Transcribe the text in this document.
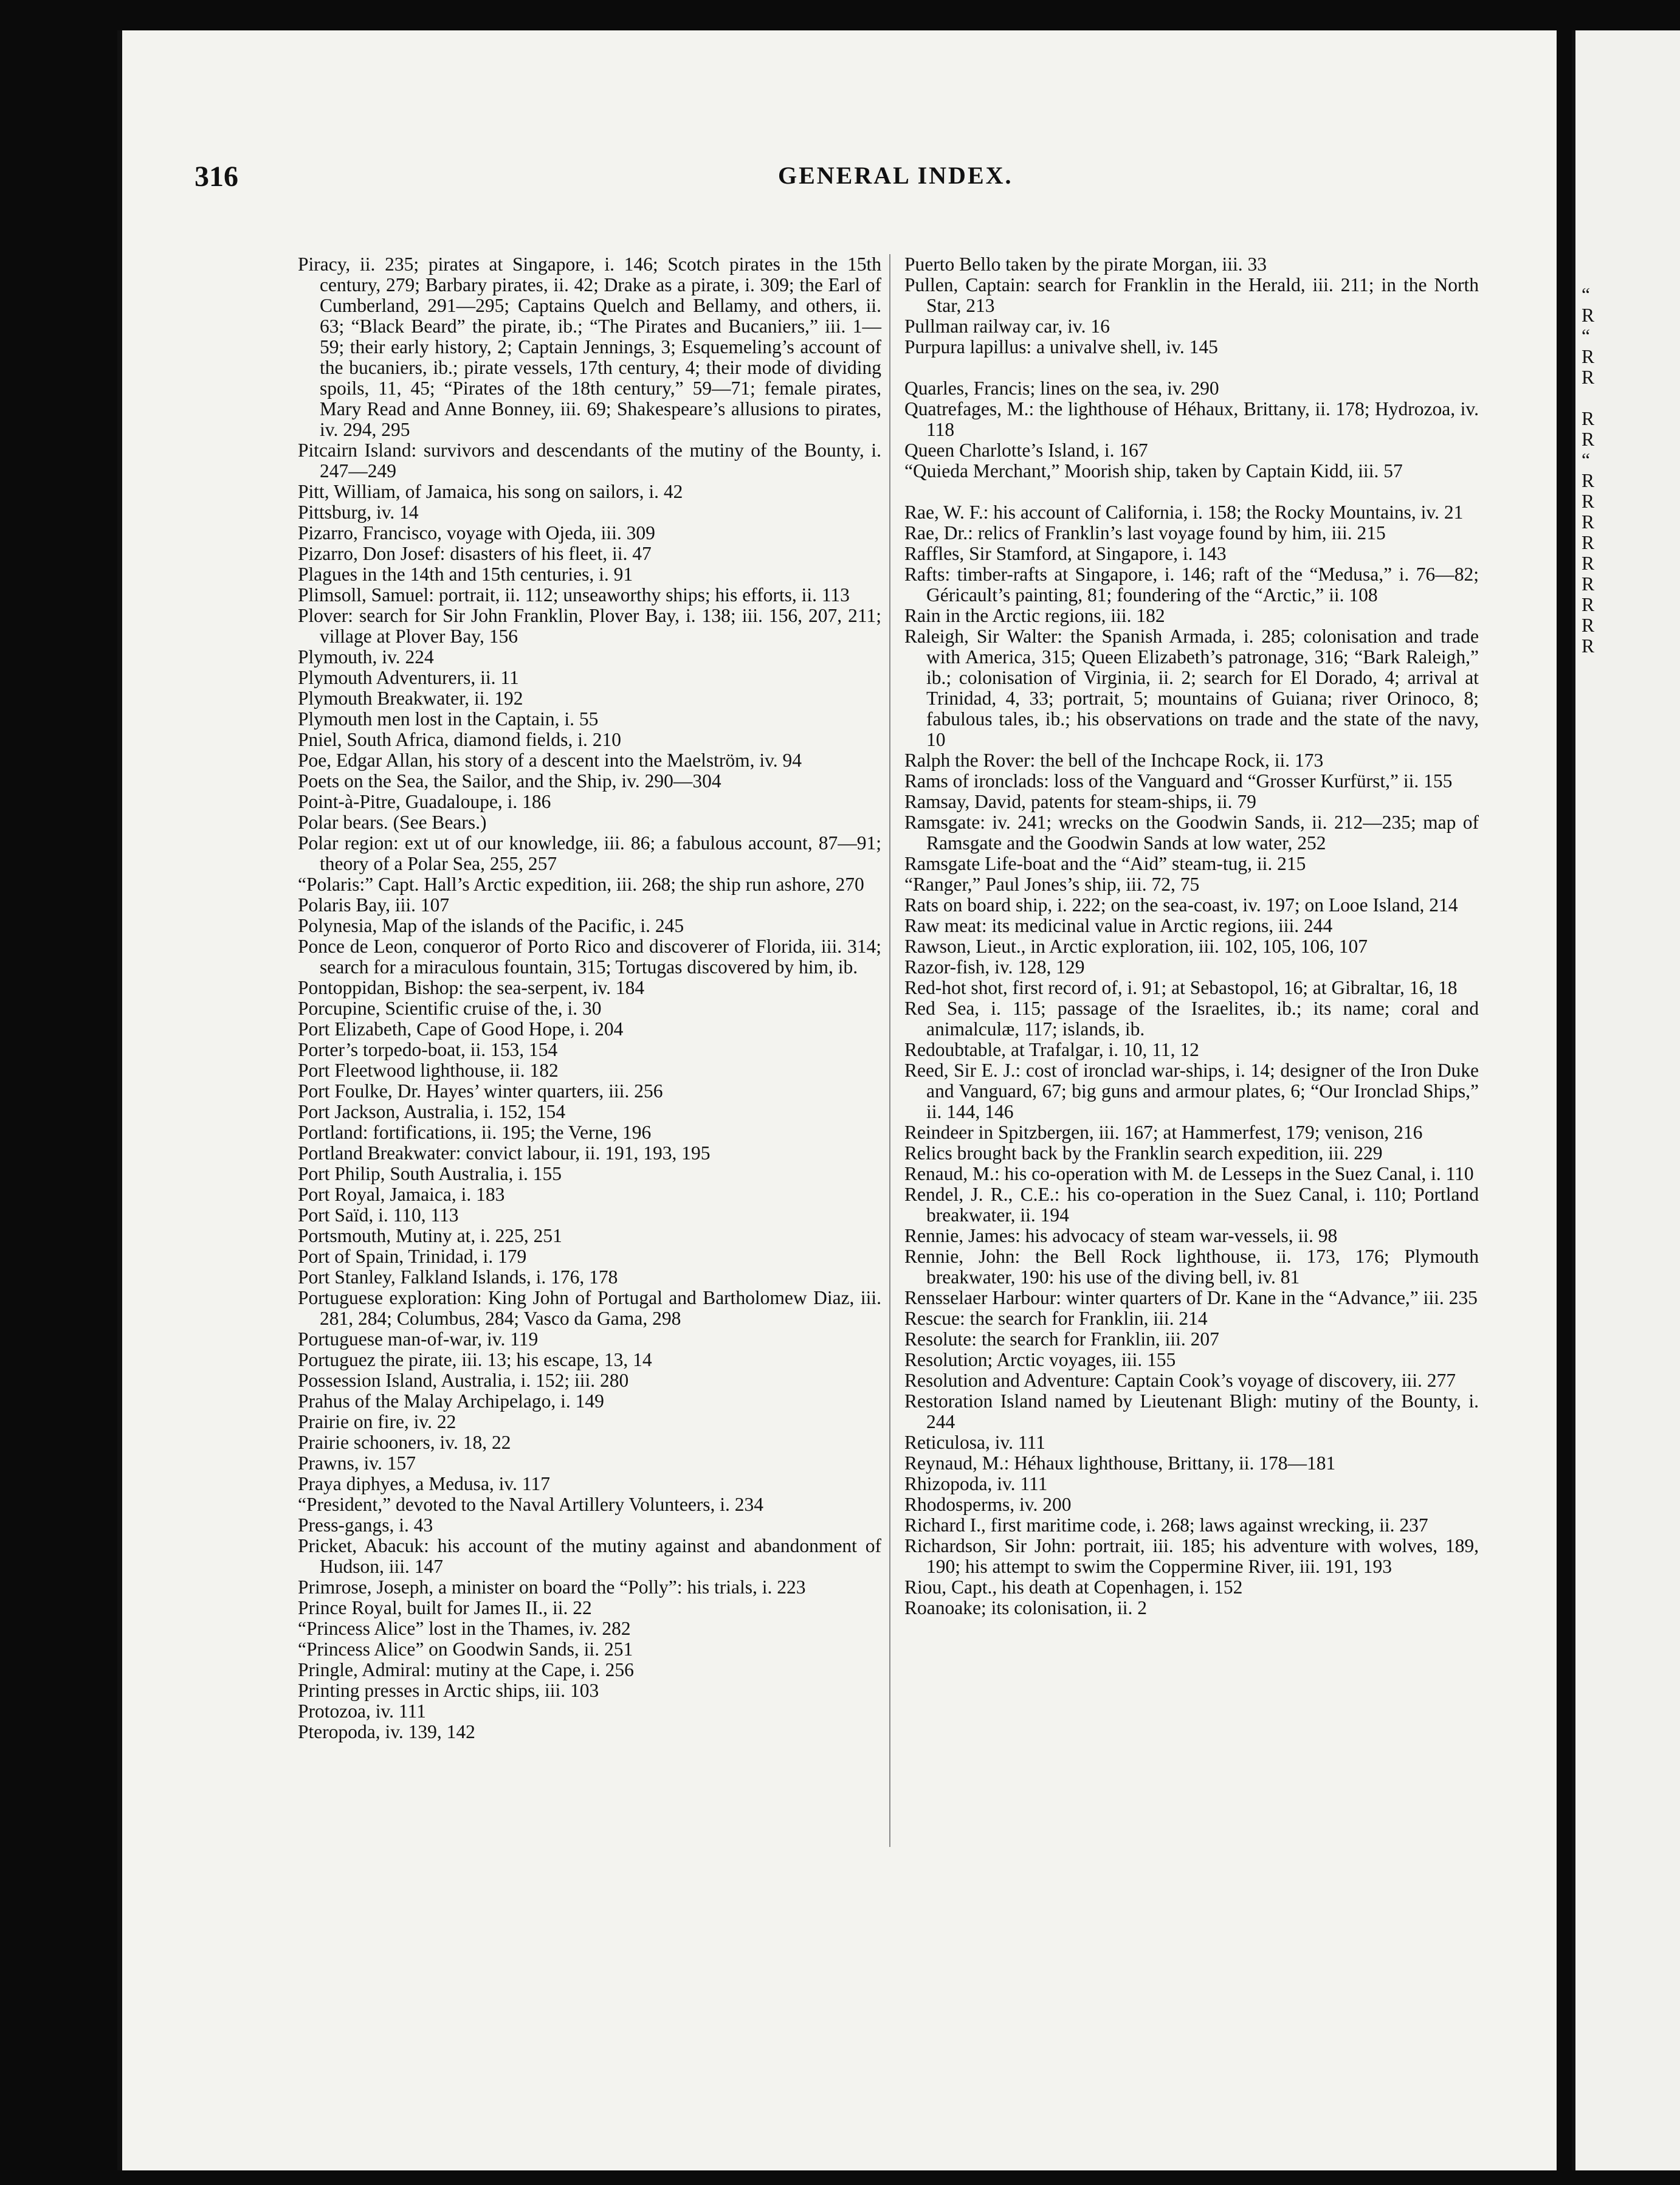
316	GENERAL INDEX.
Piracy, ii. 235; pirates at Singapore, i. 146; Scotch pirates in the 15th century, 279; Barbary pirates, ii. 42; Drake as a pirate, i. 309; the Earl of Cumberland, 291—295; Captains Quelch and Bellamy, and others, ii. 63; “Black Beard” the pirate, ib.; “The Pirates and Bucaniers,” iii. 1—59; their early history, 2; Captain Jennings, 3; Esquemeling’s account of the bucaniers, ib.; pirate vessels, 17th century, 4; their mode of dividing spoils, 11, 45; “Pirates of the 18th century,” 59—71; female pirates, Mary Read and Anne Bonney, iii. 69; Shakespeare’s allusions to pirates, iv. 294, 295
Pitcairn Island: survivors and descendants of the mutiny of the Bounty, i. 247—249
Pitt, William, of Jamaica, his song on sailors, i. 42
Pittsburg, iv. 14
Pizarro, Francisco, voyage with Ojeda, iii. 309
Pizarro, Don Josef: disasters of his fleet, ii. 47
Plagues in the 14th and 15th centuries, i. 91
Plimsoll, Samuel: portrait, ii. 112; unseaworthy ships; his efforts, ii. 113
Plover: search for Sir John Franklin, Plover Bay, i. 138; iii. 156, 207, 211; village at Plover Bay, 156
Plymouth, iv. 224
Plymouth Adventurers, ii. 11
Plymouth Breakwater, ii. 192
Plymouth men lost in the Captain, i. 55
Pniel, South Africa, diamond fields, i. 210
Poe, Edgar Allan, his story of a descent into the Maelström, iv. 94
Poets on the Sea, the Sailor, and the Ship, iv. 290—304
Point-à-Pitre, Guadaloupe, i. 186
Polar bears. (See Bears.)
Polar region: ext ut of our knowledge, iii. 86; a fabulous account, 87—91; theory of a Polar Sea, 255, 257
“Polaris:” Capt. Hall’s Arctic expedition, iii. 268; the ship run ashore, 270
Polaris Bay, iii. 107
Polynesia, Map of the islands of the Pacific, i. 245
Ponce de Leon, conqueror of Porto Rico and discoverer of Florida, iii. 314; search for a miraculous fountain, 315; Tortugas discovered by him, ib.
Pontoppidan, Bishop: the sea-serpent, iv. 184
Porcupine, Scientific cruise of the, i. 30
Port Elizabeth, Cape of Good Hope, i. 204
Porter’s torpedo-boat, ii. 153, 154
Port Fleetwood lighthouse, ii. 182
Port Foulke, Dr. Hayes’ winter quarters, iii. 256
Port Jackson, Australia, i. 152, 154
Portland: fortifications, ii. 195; the Verne, 196
Portland Breakwater: convict labour, ii. 191, 193, 195
Port Philip, South Australia, i. 155
Port Royal, Jamaica, i. 183
Port Saïd, i. 110, 113
Portsmouth, Mutiny at, i. 225, 251
Port of Spain, Trinidad, i. 179
Port Stanley, Falkland Islands, i. 176, 178
Portuguese exploration: King John of Portugal and Bartholomew Diaz, iii. 281, 284; Columbus, 284; Vasco da Gama, 298
Portuguese man-of-war, iv. 119
Portuguez the pirate, iii. 13; his escape, 13, 14
Possession Island, Australia, i. 152; iii. 280
Prahus of the Malay Archipelago, i. 149
Prairie on fire, iv. 22
Prairie schooners, iv. 18, 22
Prawns, iv. 157
Praya diphyes, a Medusa, iv. 117
“President,” devoted to the Naval Artillery Volunteers, i. 234
Press-gangs, i. 43
Pricket, Abacuk: his account of the mutiny against and abandonment of Hudson, iii. 147
Primrose, Joseph, a minister on board the “Polly”: his trials, i. 223
Prince Royal, built for James II., ii. 22
“Princess Alice” lost in the Thames, iv. 282
“Princess Alice” on Goodwin Sands, ii. 251
Pringle, Admiral: mutiny at the Cape, i. 256
Printing presses in Arctic ships, iii. 103
Protozoa, iv. 111
Pteropoda, iv. 139, 142
Puerto Bello taken by the pirate Morgan, iii. 33
Pullen, Captain: search for Franklin in the Herald, iii. 211; in the North Star, 213
Pullman railway car, iv. 16
Purpura lapillus: a univalve shell, iv. 145
Quarles, Francis; lines on the sea, iv. 290
Quatrefages, M.: the lighthouse of Héhaux, Brittany, ii. 178; Hydrozoa, iv. 118
Queen Charlotte’s Island, i. 167
“Quieda Merchant,” Moorish ship, taken by Captain Kidd, iii. 57
Rae, W. F.: his account of California, i. 158; the Rocky Mountains, iv. 21
Rae, Dr.: relics of Franklin’s last voyage found by him, iii. 215
Raffles, Sir Stamford, at Singapore, i. 143
Rafts: timber-rafts at Singapore, i. 146; raft of the “Medusa,” i. 76—82; Géricault’s painting, 81; foundering of the “Arctic,” ii. 108
Rain in the Arctic regions, iii. 182
Raleigh, Sir Walter: the Spanish Armada, i. 285; colonisation and trade with America, 315; Queen Elizabeth’s patronage, 316; “Bark Raleigh,” ib.; colonisation of Virginia, ii. 2; search for El Dorado, 4; arrival at Trinidad, 4, 33; portrait, 5; mountains of Guiana; river Orinoco, 8; fabulous tales, ib.; his observations on trade and the state of the navy, 10
Ralph the Rover: the bell of the Inchcape Rock, ii. 173
Rams of ironclads: loss of the Vanguard and “Grosser Kurfürst,” ii. 155
Ramsay, David, patents for steam-ships, ii. 79
Ramsgate: iv. 241; wrecks on the Goodwin Sands, ii. 212—235; map of Ramsgate and the Goodwin Sands at low water, 252
Ramsgate Life-boat and the “Aid” steam-tug, ii. 215
“Ranger,” Paul Jones’s ship, iii. 72, 75
Rats on board ship, i. 222; on the sea-coast, iv. 197; on Looe Island, 214
Raw meat: its medicinal value in Arctic regions, iii. 244
Rawson, Lieut., in Arctic exploration, iii. 102, 105, 106, 107
Razor-fish, iv. 128, 129
Red-hot shot, first record of, i. 91; at Sebastopol, 16; at Gibraltar, 16, 18
Red Sea, i. 115; passage of the Israelites, ib.; its name; coral and animalculæ, 117; islands, ib.
Redoubtable, at Trafalgar, i. 10, 11, 12
Reed, Sir E. J.: cost of ironclad war-ships, i. 14; designer of the Iron Duke and Vanguard, 67; big guns and armour plates, 6; “Our Ironclad Ships,” ii. 144, 146
Reindeer in Spitzbergen, iii. 167; at Hammerfest, 179; venison, 216
Relics brought back by the Franklin search expedition, iii. 229
Renaud, M.: his co-operation with M. de Lesseps in the Suez Canal, i. 110
Rendel, J. R., C.E.: his co-operation in the Suez Canal, i. 110; Portland breakwater, ii. 194
Rennie, James: his advocacy of steam war-vessels, ii. 98
Rennie, John: the Bell Rock lighthouse, ii. 173, 176; Plymouth breakwater, 190: his use of the diving bell, iv. 81
Rensselaer Harbour: winter quarters of Dr. Kane in the “Advance,” iii. 235
Rescue: the search for Franklin, iii. 214
Resolute: the search for Franklin, iii. 207
Resolution; Arctic voyages, iii. 155
Resolution and Adventure: Captain Cook’s voyage of discovery, iii. 277
Restoration Island named by Lieutenant Bligh: mutiny of the Bounty, i. 244
Reticulosa, iv. 111
Reynaud, M.: Héhaux lighthouse, Brittany, ii. 178—181
Rhizopoda, iv. 111
Rhodosperms, iv. 200
Richard I., first maritime code, i. 268; laws against wrecking, ii. 237
Richardson, Sir John: portrait, iii. 185; his adventure with wolves, 189, 190; his attempt to swim the Coppermine River, iii. 191, 193
Riou, Capt., his death at Copenhagen, i. 152
Roanoake; its colonisation, ii. 2
“
R
“
R
R
R
R
“
R
R
R
R
R
R
R
R
R
